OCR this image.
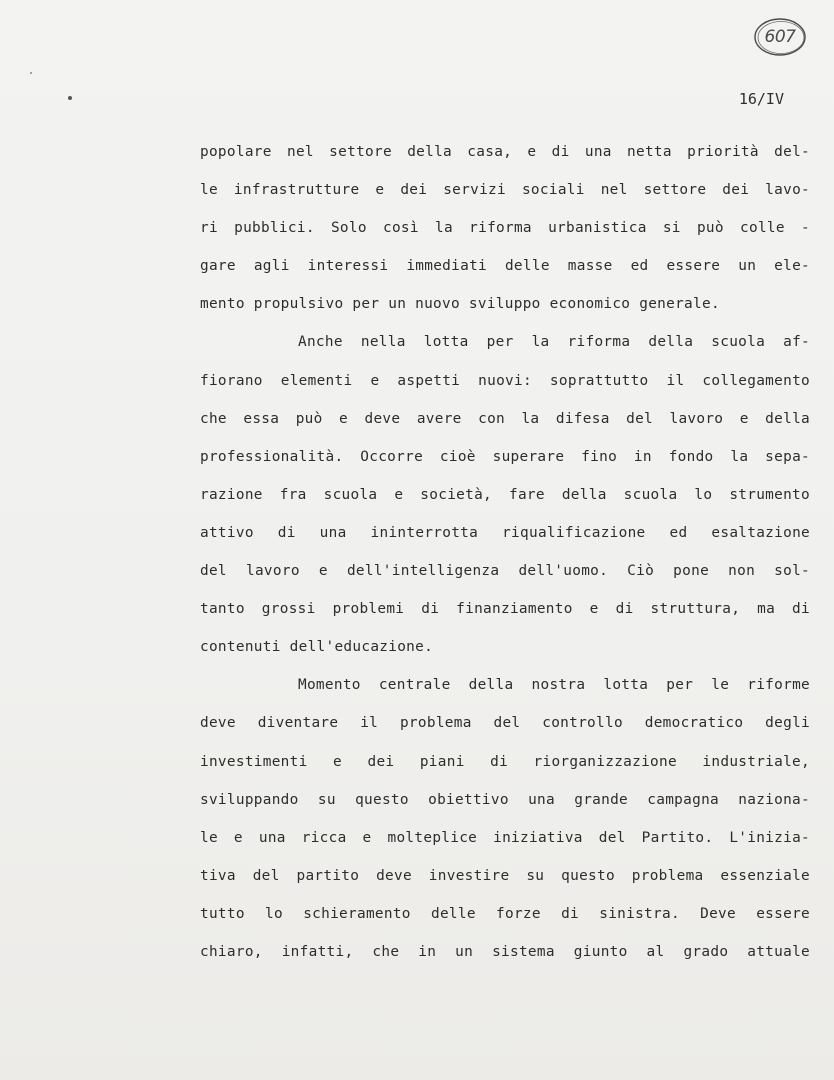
607
16/IV
popolare nel settore della casa, e di una netta priorità del-
le infrastrutture e dei servizi sociali nel settore dei lavo-
ri pubblici. Solo così la riforma urbanistica si può colle -
gare agli interessi immediati delle masse ed essere un ele-
mento propulsivo per un nuovo sviluppo economico generale.
Anche nella lotta per la riforma della scuola af-
fiorano elementi e aspetti nuovi: soprattutto il collegamento
che essa può e deve avere con la difesa del lavoro e della
professionalità. Occorre cioè superare fino in fondo la sepa-
razione fra scuola e società, fare della scuola lo strumento
attivo di una ininterrotta riqualificazione ed esaltazione
del lavoro e dell'intelligenza dell'uomo. Ciò pone non sol-
tanto grossi problemi di finanziamento e di struttura, ma di
contenuti dell'educazione.
Momento centrale della nostra lotta per le riforme
deve diventare il problema del controllo democratico degli
investimenti e dei piani di riorganizzazione industriale,
sviluppando su questo obiettivo una grande campagna naziona-
le e una ricca e molteplice iniziativa del Partito. L'inizia-
tiva del partito deve investire su questo problema essenziale
tutto lo schieramento delle forze di sinistra. Deve essere
chiaro, infatti, che in un sistema giunto al grado attuale
